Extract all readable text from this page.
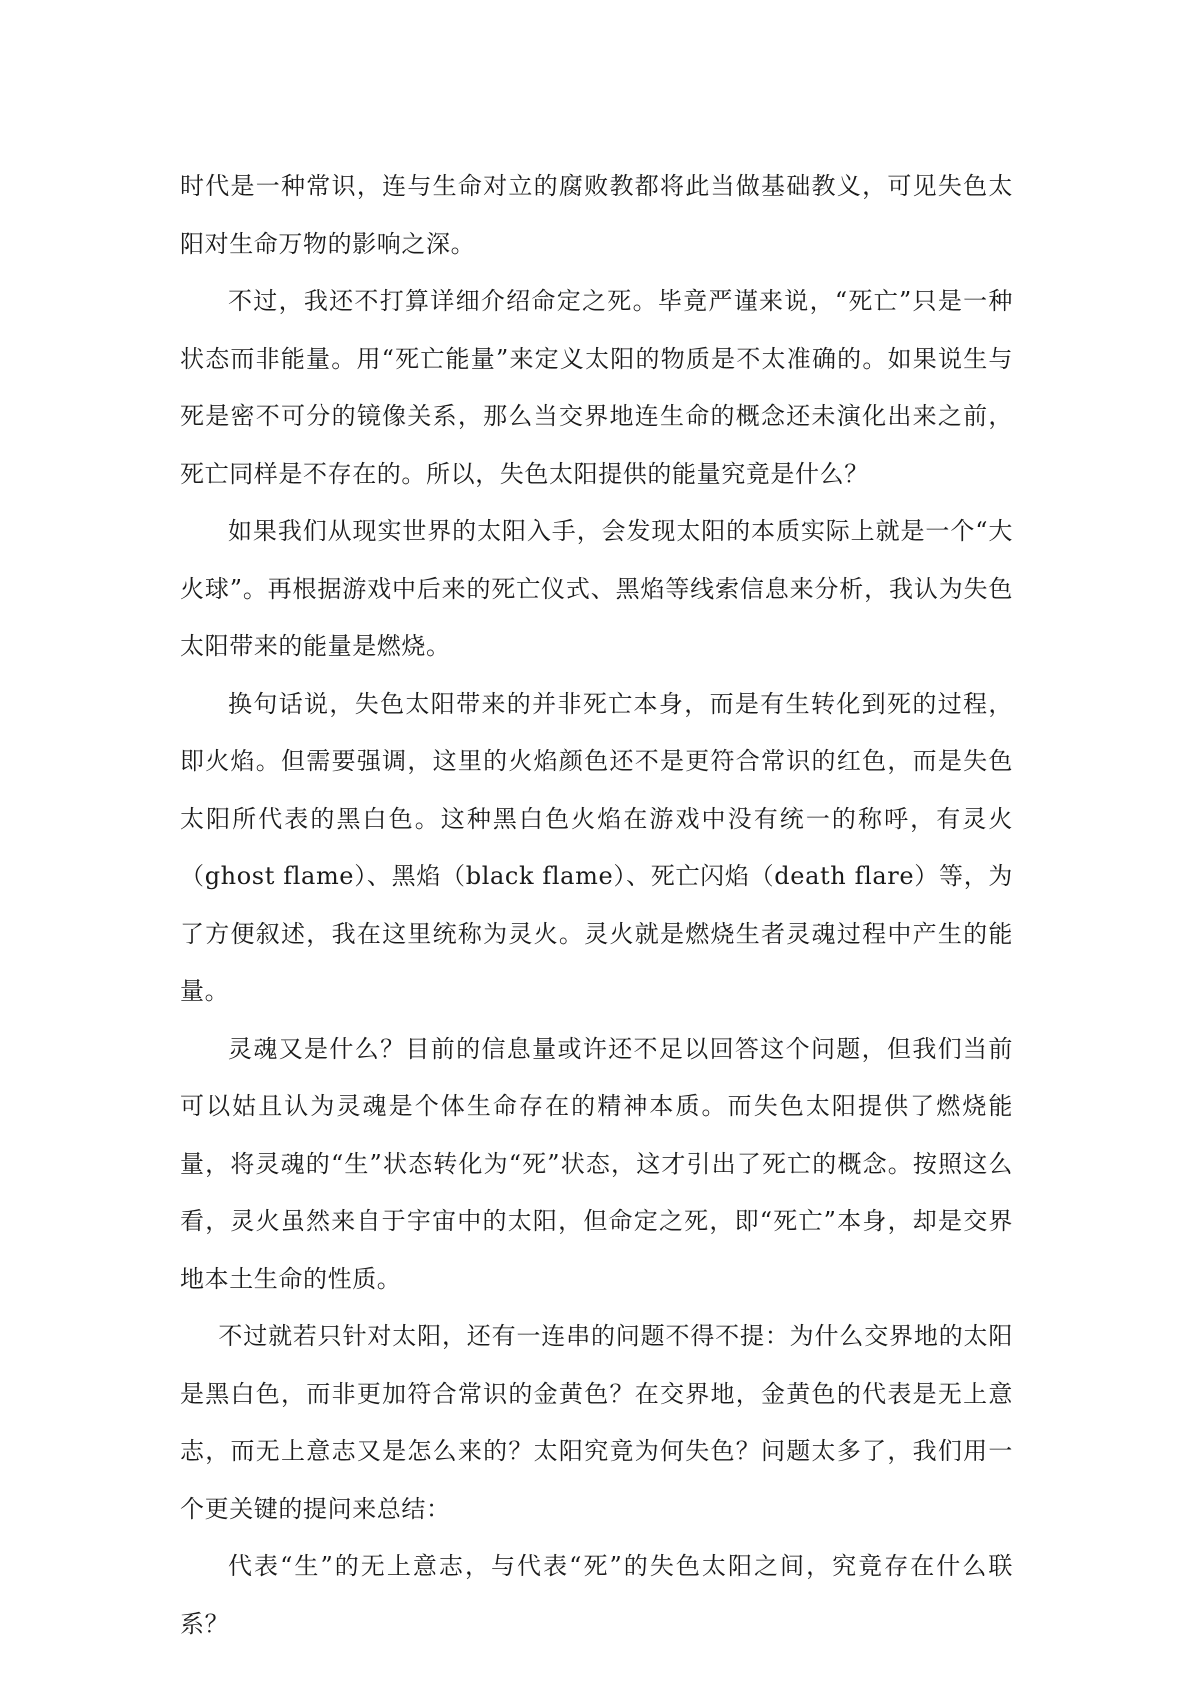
时代是一种常识，连与生命对立的腐败教都将此当做基础教义，可见失色太阳对生命万物的影响之深。

不过，我还不打算详细介绍命定之死。毕竟严谨来说，“死亡”只是一种状态而非能量。用“死亡能量”来定义太阳的物质是不太准确的。如果说生与死是密不可分的镜像关系，那么当交界地连生命的概念还未演化出来之前，死亡同样是不存在的。所以，失色太阳提供的能量究竟是什么？

如果我们从现实世界的太阳入手，会发现太阳的本质实际上就是一个“大火球”。再根据游戏中后来的死亡仪式、黑焰等线索信息来分析，我认为失色太阳带来的能量是燃烧。

换句话说，失色太阳带来的并非死亡本身，而是有生转化到死的过程，即火焰。但需要强调，这里的火焰颜色还不是更符合常识的红色，而是失色太阳所代表的黑白色。这种黑白色火焰在游戏中没有统一的称呼，有灵火（ghost flame）、黑焰（black flame）、死亡闪焰（death flare）等，为了方便叙述，我在这里统称为灵火。灵火就是燃烧生者灵魂过程中产生的能量。

灵魂又是什么？目前的信息量或许还不足以回答这个问题，但我们当前可以姑且认为灵魂是个体生命存在的精神本质。而失色太阳提供了燃烧能量，将灵魂的“生”状态转化为“死”状态，这才引出了死亡的概念。按照这么看，灵火虽然来自于宇宙中的太阳，但命定之死，即“死亡”本身，却是交界地本土生命的性质。

不过就若只针对太阳，还有一连串的问题不得不提：为什么交界地的太阳是黑白色，而非更加符合常识的金黄色？在交界地，金黄色的代表是无上意志，而无上意志又是怎么来的？太阳究竟为何失色？问题太多了，我们用一个更关键的提问来总结：

代表“生”的无上意志，与代表“死”的失色太阳之间，究竟存在什么联系？
